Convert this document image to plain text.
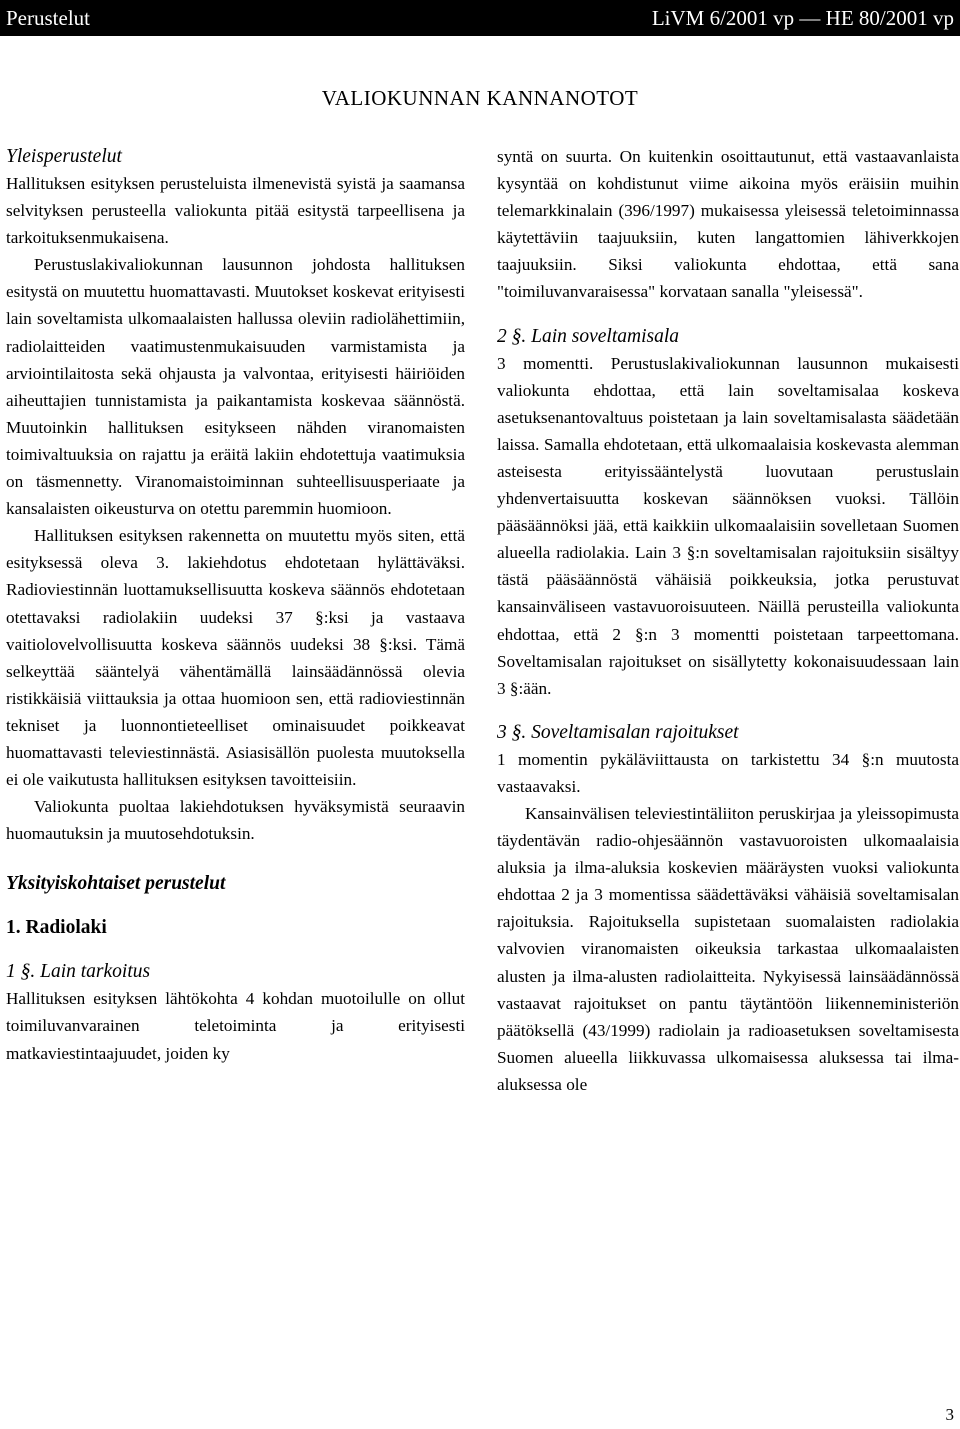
Perustelut	LiVM 6/2001 vp — HE 80/2001 vp
VALIOKUNNAN KANNANOTOT

Yleisperustelut

Hallituksen esityksen perusteluista ilmenevistä syistä ja saamansa selvityksen perusteella valiokunta pitää esitystä tarpeellisena ja tarkoituksenmukaisena.

Perustuslakivaliokunnan lausunnon johdosta hallituksen esitystä on muutettu huomattavasti. Muutokset koskevat erityisesti lain soveltamista ulkomaalaisten hallussa oleviin radiolähettimiin, radiolaitteiden vaatimustenmukaisuuden varmistamista ja arviointilaitosta sekä ohjausta ja valvontaa, erityisesti häiriöiden aiheuttajien tunnistamista ja paikantamista koskevaa säännöstä. Muutoinkin hallituksen esitykseen nähden viranomaisten toimivaltuuksia on rajattu ja eräitä lakiin ehdotettuja vaatimuksia on täsmennetty. Viranomaistoiminnan suhteellisuusperiaate ja kansalaisten oikeusturva on otettu paremmin huomioon.

Hallituksen esityksen rakennetta on muutettu myös siten, että esityksessä oleva 3. lakiehdotus ehdotetaan hylättäväksi. Radioviestinnän luottamuksellisuutta koskeva säännös ehdotetaan otettavaksi radiolakiin uudeksi 37 §:ksi ja vastaava vaitiolovelvollisuutta koskeva säännös uudeksi 38 §:ksi. Tämä selkeyttää sääntelyä vähentämällä lainsäädännössä olevia ristikkäisiä viittauksia ja ottaa huomioon sen, että radioviestinnän tekniset ja luonnontieteelliset ominaisuudet poikkeavat huomattavasti televiestinnästä. Asiasisällön puolesta muutoksella ei ole vaikutusta hallituksen esityksen tavoitteisiin.

Valiokunta puoltaa lakiehdotuksen hyväksymistä seuraavin huomautuksin ja muutosehdotuksin.

Yksityiskohtaiset perustelut

1. Radiolaki

1 §. Lain tarkoitus

Hallituksen esityksen lähtökohta 4 kohdan muotoilulle on ollut toimiluvanvarainen teletoiminta ja erityisesti matkaviestintaajuudet, joiden ky

syntä on suurta. On kuitenkin osoittautunut, että vastaavanlaista kysyntää on kohdistunut viime aikoina myös eräisiin muihin telemarkkinalain (396/1997) mukaisessa yleisessä teletoiminnassa käytettäviin taajuuksiin, kuten langattomien lähiverkkojen taajuuksiin. Siksi valiokunta ehdottaa, että sana "toimiluvanvaraisessa" korvataan sanalla "yleisessä".

2 §. Lain soveltamisala

3 momentti. Perustuslakivaliokunnan lausunnon mukaisesti valiokunta ehdottaa, että lain soveltamisalaa koskeva asetuksenantovaltuus poistetaan ja lain soveltamisalasta säädetään laissa. Samalla ehdotetaan, että ulkomaalaisia koskevasta alemman asteisesta erityissääntelystä luovutaan perustuslain yhdenvertaisuutta koskevan säännöksen vuoksi. Tällöin pääsäännöksi jää, että kaikkiin ulkomaalaisiin sovelletaan Suomen alueella radiolakia. Lain 3 §:n soveltamisalan rajoituksiin sisältyy tästä pääsäännöstä vähäisiä poikkeuksia, jotka perustuvat kansainväliseen vastavuoroisuuteen. Näillä perusteilla valiokunta ehdottaa, että 2 §:n 3 momentti poistetaan tarpeettomana. Soveltamisalan rajoitukset on sisällytetty kokonaisuudessaan lain 3 §:ään.

3 §. Soveltamisalan rajoitukset

1 momentin pykäläviittausta on tarkistettu 34 §:n muutosta vastaavaksi.

Kansainvälisen televiestintäliiton peruskirjaa ja yleissopimusta täydentävän radio-ohjesäännön vastavuoroisten ulkomaalaisia aluksia ja ilma-aluksia koskevien määräysten vuoksi valiokunta ehdottaa 2 ja 3 momentissa säädettäväksi vähäisiä soveltamisalan rajoituksia. Rajoituksella supistetaan suomalaisten radiolakia valvovien viranomaisten oikeuksia tarkastaa ulkomaalaisten alusten ja ilma-alusten radiolaitteita. Nykyisessä lainsäädännössä vastaavat rajoitukset on pantu täytäntöön liikenneministeriön päätöksellä (43/1999) radiolain ja radioasetuksen soveltamisesta Suomen alueella liikkuvassa ulkomaisessa aluksessa tai ilma-aluksessa ole

3
